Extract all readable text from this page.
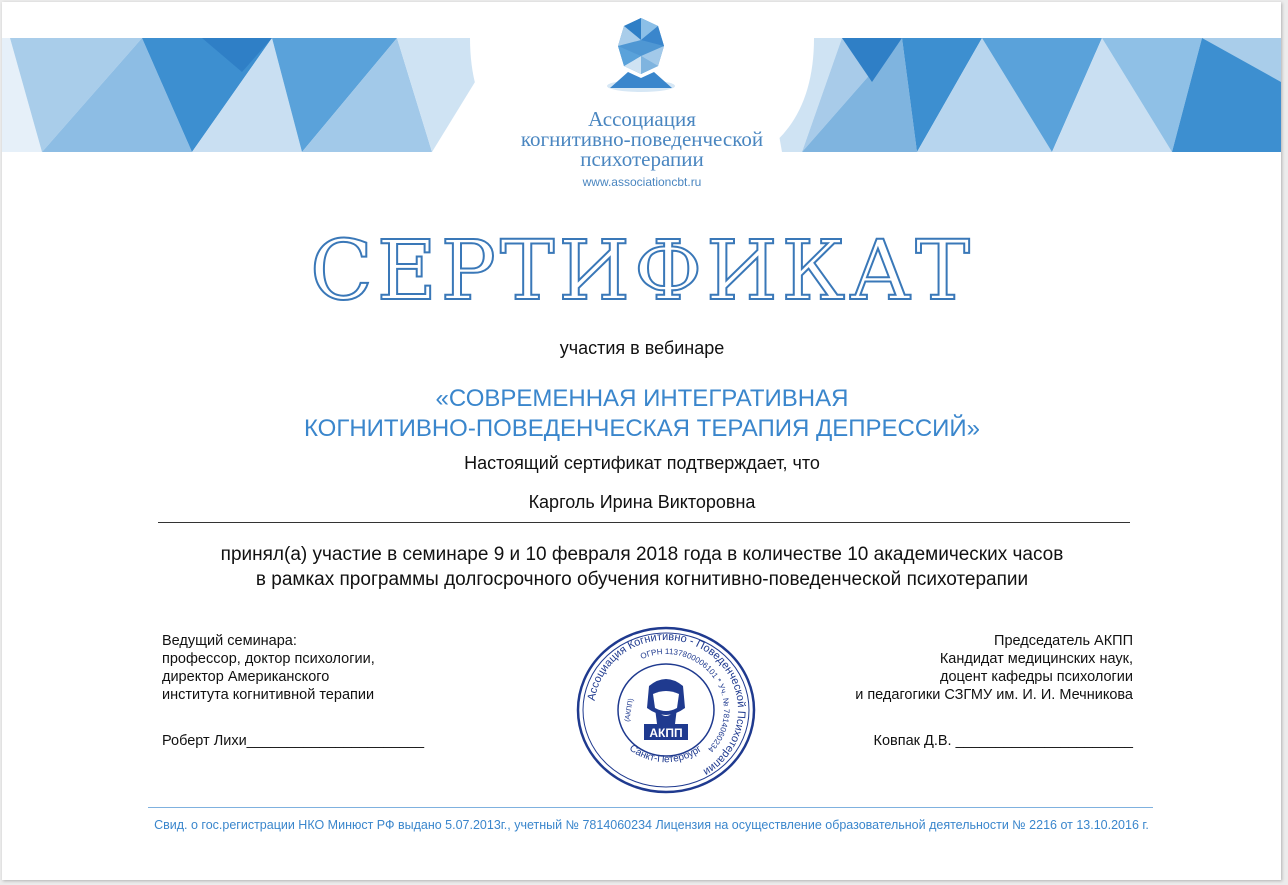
Ассоциация
когнитивно-поведенческой
психотерапии
www.associationcbt.ru
СЕРТИФИКАТ
участия в вебинаре
«СОВРЕМЕННАЯ ИНТЕГРАТИВНАЯ
КОГНИТИВНО-ПОВЕДЕНЧЕСКАЯ ТЕРАПИЯ ДЕПРЕССИЙ»
Настоящий сертификат подтверждает, что
Карголь Ирина Викторовна
принял(а) участие в семинаре 9 и 10 февраля 2018 года в количестве 10 академических часов
в рамках программы долгосрочного обучения когнитивно-поведенческой психотерапии
Ведущий семинара:
профессор, доктор психологии,
директор Американского
института когнитивной терапии
Роберт Лихи______________________
Председатель АКПП
Кандидат медицинских наук,
доцент кафедры психологии
и педагогики СЗГМУ им. И. И. Мечникова
Ковпак Д.В. ______________________
Ассоциация Когнитивно - Поведенческой Психотерапии
ОГРН 1137800006101 * Уч. № 7814060234
Санкт-Петербург
(АКПП)
АКПП
Свид. о гос.регистрации НКО Минюст РФ выдано 5.07.2013г., учетный № 7814060234 Лицензия на осуществление образовательной деятельности № 2216 от 13.10.2016 г.
